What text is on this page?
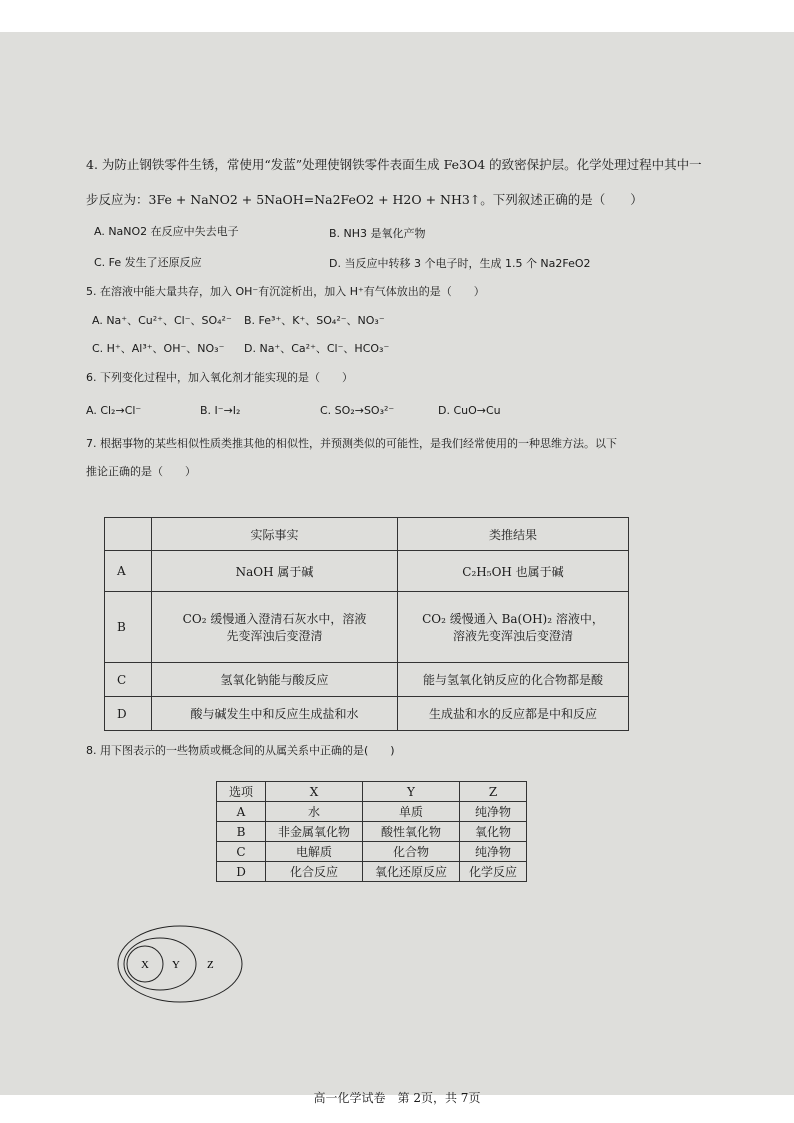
4. 为防止钢铁零件生锈，常使用“发蓝”处理使钢铁零件表面生成 Fe3O4 的致密保护层。化学处理过程中其中一
步反应为：3Fe + NaNO2 + 5NaOH=Na2FeO2 + H2O + NH3↑。下列叙述正确的是（　　）
A. NaNO2 在反应中失去电子	B. NH3 是氧化产物
C. Fe 发生了还原反应	D. 当反应中转移 3 个电子时，生成 1.5 个 Na2FeO2
5. 在溶液中能大量共存，加入 OH⁻有沉淀析出，加入 H⁺有气体放出的是（　　）
A. Na⁺、Cu²⁺、Cl⁻、SO₄²⁻ B. Fe³⁺、K⁺、SO₄²⁻、NO₃⁻
C. H⁺、Al³⁺、OH⁻、NO₃⁻ D. Na⁺、Ca²⁺、Cl⁻、HCO₃⁻
6. 下列变化过程中，加入氧化剂才能实现的是（　　）
A. Cl₂→Cl⁻	B. I⁻→I₂	C. SO₂→SO₃²⁻	D. CuO→Cu
7. 根据事物的某些相似性质类推其他的相似性，并预测类似的可能性，是我们经常使用的一种思维方法。以下
推论正确的是（　　）
8. 用下图表示的一些物质或概念间的从属关系中正确的是(　　)
X Y Z
高一化学试卷　第 2页，共 7页
	实际事实	类推结果
A	NaOH 属于碱	C₂H₅OH 也属于碱
B	CO₂ 缓慢通入澄清石灰水中，溶液先变浑浊后变澄清	CO₂ 缓慢通入 Ba(OH)₂ 溶液中，溶液先变浑浊后变澄清
C	氢氧化钠能与酸反应	能与氢氧化钠反应的化合物都是酸
D	酸与碱发生中和反应生成盐和水	生成盐和水的反应都是中和反应
选项	X	Y	Z
A	水	单质	纯净物
B	非金属氧化物	酸性氧化物	氧化物
C	电解质	化合物	纯净物
D	化合反应	氧化还原反应	化学反应
